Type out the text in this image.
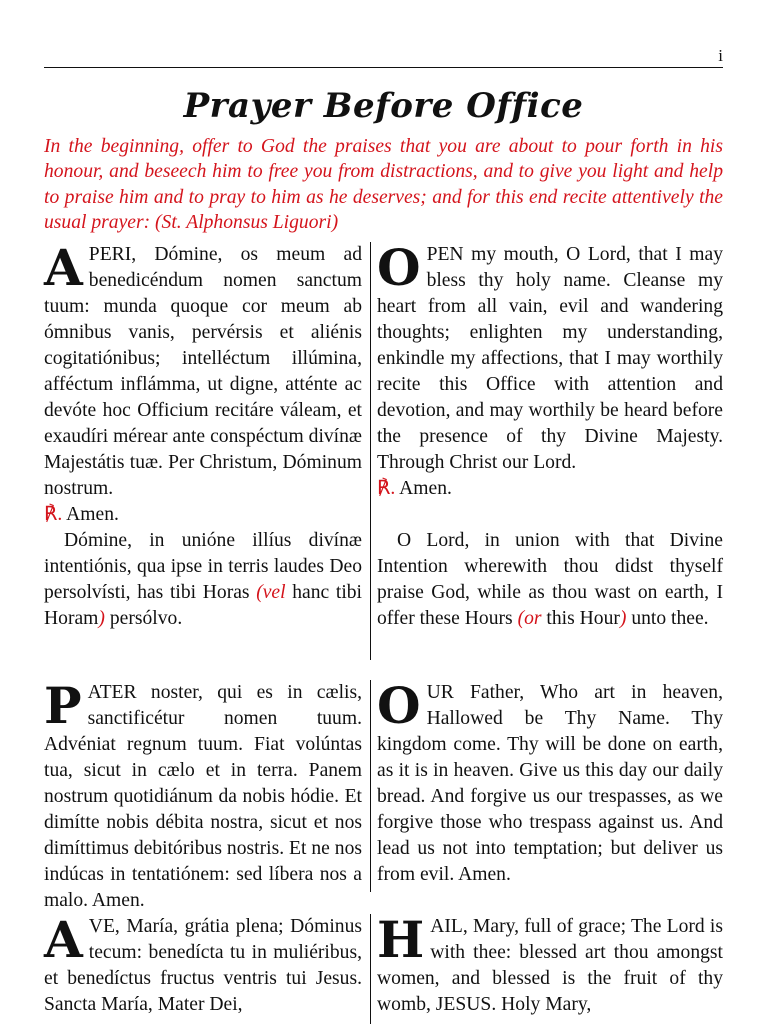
i
Prayer Before Office
In the beginning, offer to God the praises that you are about to pour forth in his honour, and beseech him to free you from distractions, and to give you light and help to praise him and to pray to him as he deserves; and for this end recite attentively the usual prayer: (St. Alphonsus Liguori)

APERI, Dómine, os meum ad benedicéndum nomen sanctum tuum: munda quoque cor meum ab ómnibus vanis, pervérsis et aliénis cogitatiónibus; intelléctum illúmina, afféctum inflámma, ut digne, atténte ac devóte hoc Officium recitáre váleam, et exaudíri mérear ante conspéctum divínæ Majestátis tuæ. Per Christum, Dóminum nostrum.

℟. Amen.

Dómine, in unióne illíus divínæ intentiónis, qua ipse in terris laudes Deo persolvísti, has tibi Horas (vel hanc tibi Horam) persólvo.

OPEN my mouth, O Lord, that I may bless thy holy name. Cleanse my heart from all vain, evil and wandering thoughts; enlighten my understanding, enkindle my affections, that I may worthily recite this Office with attention and devotion, and may worthily be heard before the presence of thy Divine Majesty. Through Christ our Lord.

℟. Amen.

O Lord, in union with that Divine Intention wherewith thou didst thyself praise God, while as thou wast on earth, I offer these Hours (or this Hour) unto thee.

PATER noster, qui es in cælis, sanctificétur nomen tuum. Advéniat regnum tuum. Fiat volúntas tua, sicut in cælo et in terra. Panem nostrum quotidiánum da nobis hódie. Et dimítte nobis débita nostra, sicut et nos dimíttimus debitóribus nostris. Et ne nos indúcas in tentatiónem: sed líbera nos a malo. Amen.

OUR Father, Who art in heaven, Hallowed be Thy Name. Thy kingdom come. Thy will be done on earth, as it is in heaven. Give us this day our daily bread. And forgive us our trespasses, as we forgive those who trespass against us. And lead us not into temptation; but deliver us from evil. Amen.

AVE, María, grátia plena; Dóminus tecum: benedícta tu in muliéribus, et benedíctus fructus ventris tui Jesus. Sancta María, Mater Dei,

HAIL, Mary, full of grace; The Lord is with thee: blessed art thou amongst women, and blessed is the fruit of thy womb, JESUS. Holy Mary,
